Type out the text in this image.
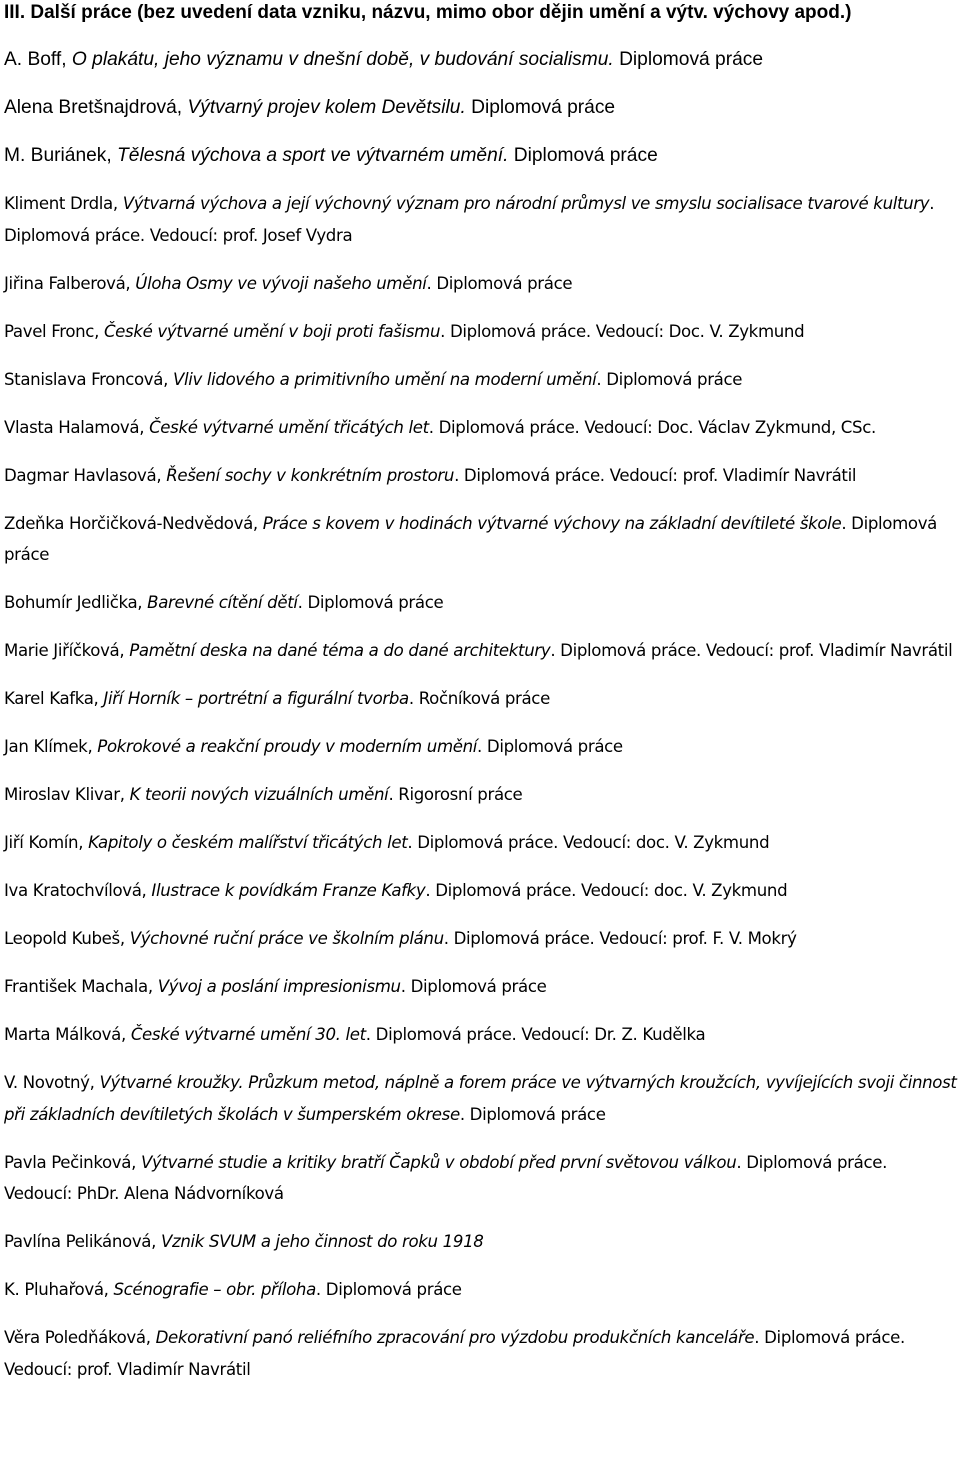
III. Další práce (bez uvedení data vzniku, názvu, mimo obor dějin umění a výtv. výchovy apod.)

A. Boff, O plakátu, jeho významu v dnešní době, v budování socialismu. Diplomová práce

Alena Bretšnajdrová, Výtvarný projev kolem Devětsilu. Diplomová práce

M. Buriánek, Tělesná výchova a sport ve výtvarném umění. Diplomová práce

Kliment Drdla, Výtvarná výchova a její výchovný význam pro národní průmysl ve smyslu socialisace tvarové kultury. Diplomová práce. Vedoucí: prof. Josef Vydra

Jiřina Falberová, Úloha Osmy ve vývoji našeho umění. Diplomová práce

Pavel Fronc, České výtvarné umění v boji proti fašismu. Diplomová práce. Vedoucí: Doc. V. Zykmund

Stanislava Froncová, Vliv lidového a primitivního umění na moderní umění. Diplomová práce

Vlasta Halamová, České výtvarné umění třicátých let. Diplomová práce. Vedoucí: Doc. Václav Zykmund, CSc.

Dagmar Havlasová, Řešení sochy v konkrétním prostoru. Diplomová práce. Vedoucí: prof. Vladimír Navrátil

Zdeňka Horčičková-Nedvědová, Práce s kovem v hodinách výtvarné výchovy na základní devítileté škole. Diplomová práce

Bohumír Jedlička, Barevné cítění dětí. Diplomová práce

Marie Jiříčková, Pamětní deska na dané téma a do dané architektury. Diplomová práce. Vedoucí: prof. Vladimír Navrátil

Karel Kafka, Jiří Horník – portrétní a figurální tvorba. Ročníková práce

Jan Klímek, Pokrokové a reakční proudy v moderním umění. Diplomová práce

Miroslav Klivar, K teorii nových vizuálních umění. Rigorosní práce

Jiří Komín, Kapitoly o českém malířství třicátých let. Diplomová práce. Vedoucí: doc. V. Zykmund

Iva Kratochvílová, Ilustrace k povídkám Franze Kafky. Diplomová práce. Vedoucí: doc. V. Zykmund

Leopold Kubeš, Výchovné ruční práce ve školním plánu. Diplomová práce. Vedoucí: prof. F. V. Mokrý

František Machala, Vývoj a poslání impresionismu. Diplomová práce

Marta Málková, České výtvarné umění 30. let. Diplomová práce. Vedoucí: Dr. Z. Kudělka

V. Novotný, Výtvarné kroužky. Průzkum metod, náplně a forem práce ve výtvarných kroužcích, vyvíjejících svoji činnost při základních devítiletých školách v šumperském okrese. Diplomová práce

Pavla Pečinková, Výtvarné studie a kritiky bratří Čapků v období před první světovou válkou. Diplomová práce. Vedoucí: PhDr. Alena Nádvorníková

Pavlína Pelikánová, Vznik SVUM a jeho činnost do roku 1918

K. Pluhařová, Scénografie – obr. příloha. Diplomová práce

Věra Poledňáková, Dekorativní panó reliéfního zpracování pro výzdobu produkčních kanceláře. Diplomová práce. Vedoucí: prof. Vladimír Navrátil
